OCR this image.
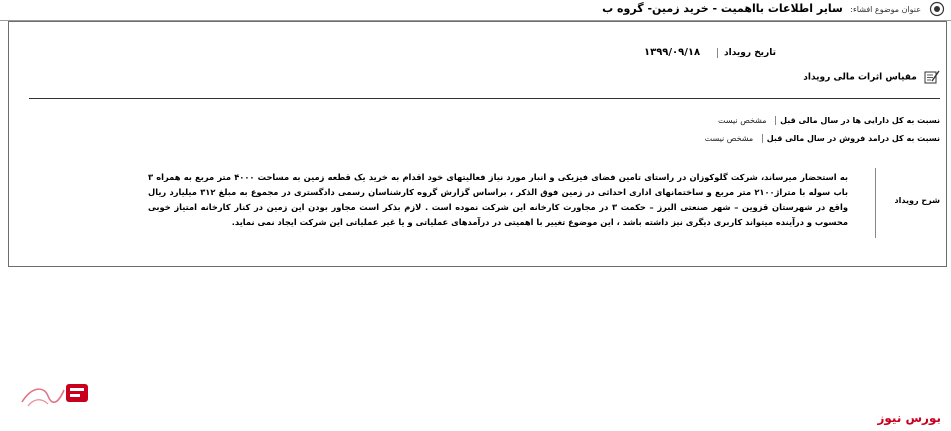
عنوان موضوع افشاء: سایر اطلاعات بااهمیت - خرید زمین- گروه ب
تاریخ رویداد ۱۳۹۹/۰۹/۱۸
مقیاس اثرات مالی رویداد
نسبت به کل دارایی ها در سال مالی قبل مشخص نیست
نسبت به کل درامد فروش در سال مالی قبل مشخص نیست
شرح رویداد
به استحضار میرساند، شرکت گلوکوزان در راستای تامین فضای فیزیکی و انبار مورد نیاز فعالیتهای خود اقدام به خرید یک قطعه زمین به مساحت ۴۰۰۰ متر مربع به همراه ۳ باب سوله با متراژ۲۱۰۰ متر مربع و ساختمانهای اداری احداثی در زمین فوق الذکر ، براساس گزارش گروه کارشناسان رسمی دادگستری در مجموع به مبلغ ۳۱۲ میلیارد ریال واقع در شهرستان قزوین – شهر صنعتی البرز – حکمت ۳ در مجاورت کارخانه این شرکت نموده است . لازم بذکر است مجاور بودن این زمین در کنار کارخانه امتیاز خوبی محسوب و درآینده میتواند کاربری دیگری نیز داشته باشد ، این موضوع تغییر با اهمیتی در درآمدهای عملیاتی و یا غیر عملیاتی این شرکت ایجاد نمی نماید.
بورس نیوز
